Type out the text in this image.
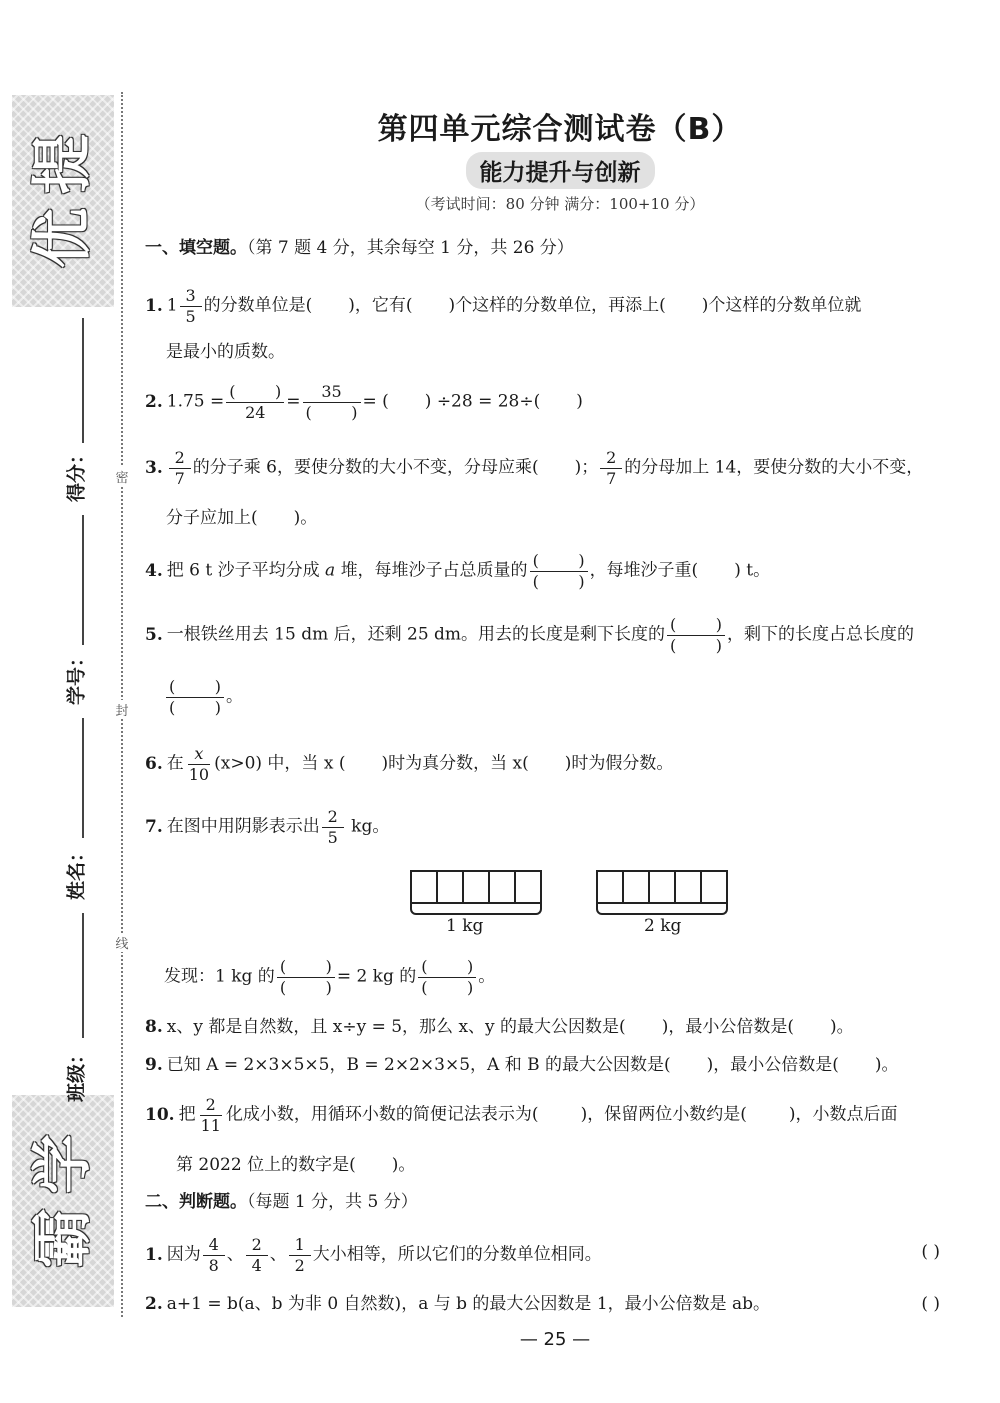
提
优
学
霸
得分：
学号：
姓名：
班级：
密
封
线
第四单元综合测试卷（B）
能力提升与创新
（考试时间：80 分钟 满分：100+10 分）
一、填空题。（第 7 题 4 分，其余每空 1 分，共 26 分）
1. $1 \frac{3}{5}$ 的分数单位是( )，它有( )个这样的分数单位，再添上( )个这样的分数单位就
是最小的质数。
2. 1.75 =
( )
24
=
35
( )
= ( ) ÷28 = 28÷( )
3. $\frac{2}{7}$ 的分子乘 6，要使分数的大小不变，分母应乘( )； $\frac{2}{7}$ 的分母加上 14，要使分数的大小不变，
分子应加上( )。
4. 把 6 t 沙子平均分成 a 堆，每堆沙子占总质量的 ( )
( )	，每堆沙子重( ) t。
5. 一根铁丝用去 15 dm 后，还剩 25 dm。用去的长度是剩下长度的 ( )
( )	，剩下的长度占总长度的
( )
( )
。
6. 在 $\frac{x}{10} (x>0)$ 中，当 x ( )时为真分数，当 x( )时为假分数。
7. 在图中用阴影表示出 $\frac{2}{5}$ kg。
1 kg	2 kg
发现：1 kg 的 ( )
( )	= 2 kg 的 ( )
( )	。
8. x、y 都是自然数，且 x÷y = 5，那么 x、y 的最大公因数是( )，最小公倍数是( )。
9. 已知 A = 2×3×5×5，B = 2×2×3×5，A 和 B 的最大公因数是( )，最小公倍数是( )。
10. 把 $\frac{2}{11}$ 化成小数，用循环小数的简便记法表示为( )，保留两位小数约是( )，小数点后面
第 2022 位上的数字是( )。
二、判断题。（每题 1 分，共 5 分）
1. 因为 $\frac{4}{8}$ 、 $\frac{2}{4}$ 、 $\frac{1}{2}$ 大小相等，所以它们的分数单位相同。	( )
2. a+1 = b(a、b 为非 0 自然数)，a 与 b 的最大公因数是 1，最小公倍数是 ab。	( )
— 25 —
